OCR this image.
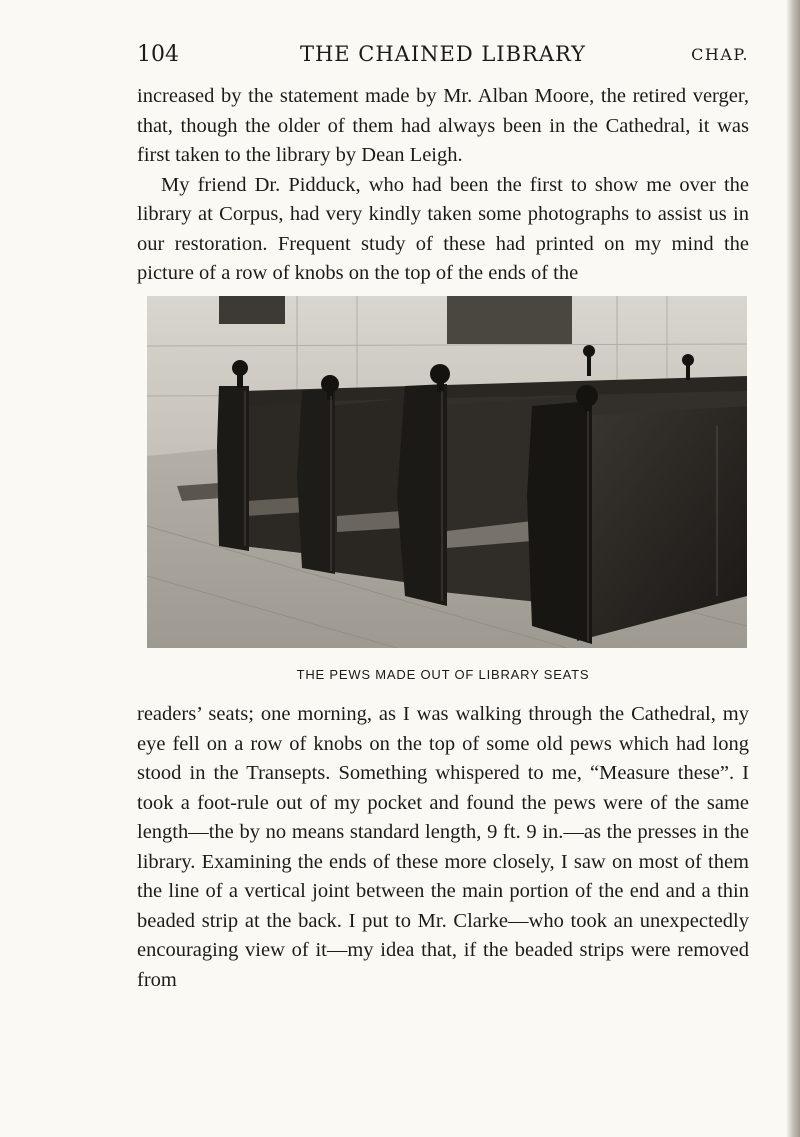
104	THE CHAINED LIBRARY	CHAP.

increased by the statement made by Mr. Alban Moore, the retired verger, that, though the older of them had always been in the Cathedral, it was first taken to the library by Dean Leigh.

My friend Dr. Pidduck, who had been the first to show me over the library at Corpus, had very kindly taken some photographs to assist us in our restoration. Frequent study of these had printed on my mind the picture of a row of knobs on the top of the ends of the

THE PEWS MADE OUT OF LIBRARY SEATS

readers’ seats; one morning, as I was walking through the Cathedral, my eye fell on a row of knobs on the top of some old pews which had long stood in the Transepts. Something whispered to me, “Measure these”. I took a foot-rule out of my pocket and found the pews were of the same length—the by no means standard length, 9 ft. 9 in.—as the presses in the library. Examining the ends of these more closely, I saw on most of them the line of a vertical joint between the main portion of the end and a thin beaded strip at the back. I put to Mr. Clarke—who took an unexpectedly encouraging view of it—my idea that, if the beaded strips were removed from
